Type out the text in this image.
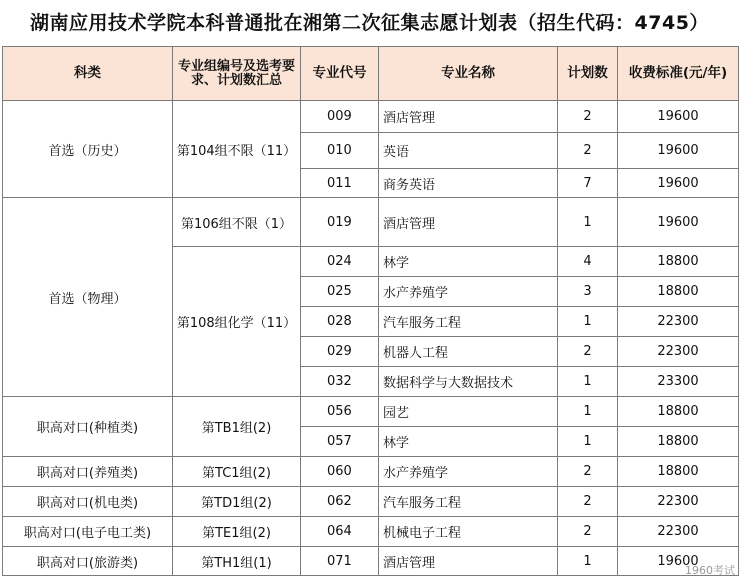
湖南应用技术学院本科普通批在湘第二次征集志愿计划表（招生代码：4745）
科类	专业组编号及选考要求、计划数汇总	专业代号	专业名称	计划数	收费标准(元/年)
首选（历史）	第104组不限（11）	009	酒店管理	2	19600
		010	英语	2	19600
		011	商务英语	7	19600
首选（物理）	第106组不限（1）	019	酒店管理	1	19600
	第108组化学（11）	024	林学	4	18800
		025	水产养殖学	3	18800
		028	汽车服务工程	1	22300
		029	机器人工程	2	22300
		032	数据科学与大数据技术	1	23300
职高对口(种植类)	第TB1组(2)	056	园艺	1	18800
		057	林学	1	18800
职高对口(养殖类)	第TC1组(2)	060	水产养殖学	2	18800
职高对口(机电类)	第TD1组(2)	062	汽车服务工程	2	22300
职高对口(电子电工类)	第TE1组(2)	064	机械电子工程	2	22300
职高对口(旅游类)	第TH1组(1)	071	酒店管理	1	19600
1960考试
